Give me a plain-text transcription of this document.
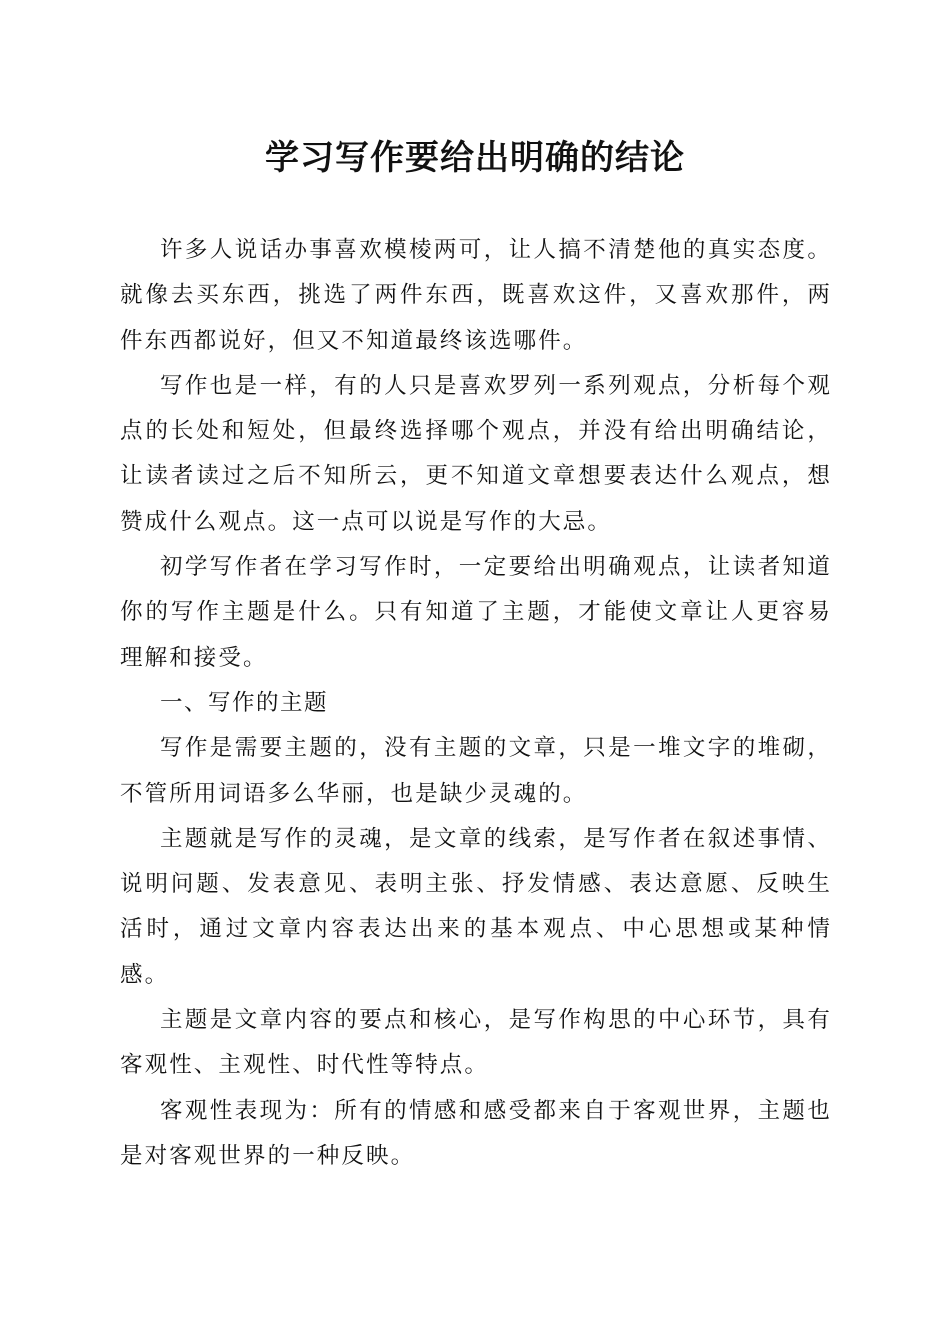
学习写作要给出明确的结论

许多人说话办事喜欢模棱两可，让人搞不清楚他的真实态度。就像去买东西，挑选了两件东西，既喜欢这件，又喜欢那件，两件东西都说好，但又不知道最终该选哪件。

写作也是一样，有的人只是喜欢罗列一系列观点，分析每个观点的长处和短处，但最终选择哪个观点，并没有给出明确结论，让读者读过之后不知所云，更不知道文章想要表达什么观点，想赞成什么观点。这一点可以说是写作的大忌。

初学写作者在学习写作时，一定要给出明确观点，让读者知道你的写作主题是什么。只有知道了主题，才能使文章让人更容易理解和接受。

一、写作的主题

写作是需要主题的，没有主题的文章，只是一堆文字的堆砌，不管所用词语多么华丽，也是缺少灵魂的。

主题就是写作的灵魂，是文章的线索，是写作者在叙述事情、说明问题、发表意见、表明主张、抒发情感、表达意愿、反映生活时，通过文章内容表达出来的基本观点、中心思想或某种情感。

主题是文章内容的要点和核心，是写作构思的中心环节，具有客观性、主观性、时代性等特点。

客观性表现为：所有的情感和感受都来自于客观世界，主题也是对客观世界的一种反映。
